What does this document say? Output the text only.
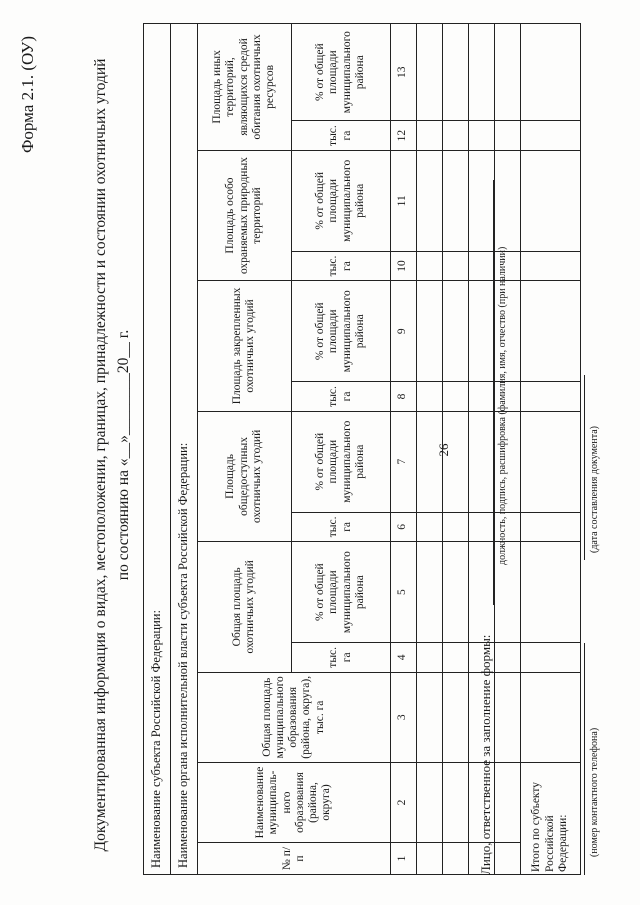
26
Форма 2.1. (ОУ)	Документированная информация о видах, местоположении, границах, принадлежности и состоянии охотничьих угодий по состоянию на «__»________20__ г.
Наименование субъекта Российской Федерации: Наименование органа исполнительной власти субъекта Российской Федерации:	№ п/п	Наименование муниципаль- ного образования (района, округа)	Общая площадь муниципального образования (района, округа), тыс. га	Общая площадь охотничьих угодий		Площадь общедоступных охотничьих угодий		Площадь закрепленных охотничьих угодий		Площадь особо охраняемых природных территорий		Площадь иных территорий, являющихся средой обитания охотничьих ресурсов	
			тыс. га	% от общей площади муниципального района	тыс. га	% от общей площади муниципального района	тыс. га	% от общей площади муниципального района	тыс. га	% от общей площади муниципального района	тыс. га	% от общей площади муниципального района
1	2	3	4	5	6	7	8	9	10	11	12	13

Итого по субъекту Российской Федерации:												
Лицо, ответственное за заполнение формы:
должность, подпись, расшифровка (фамилия, имя, отчество (при наличии)
(номер контактного телефона)
(дата составления документа)
